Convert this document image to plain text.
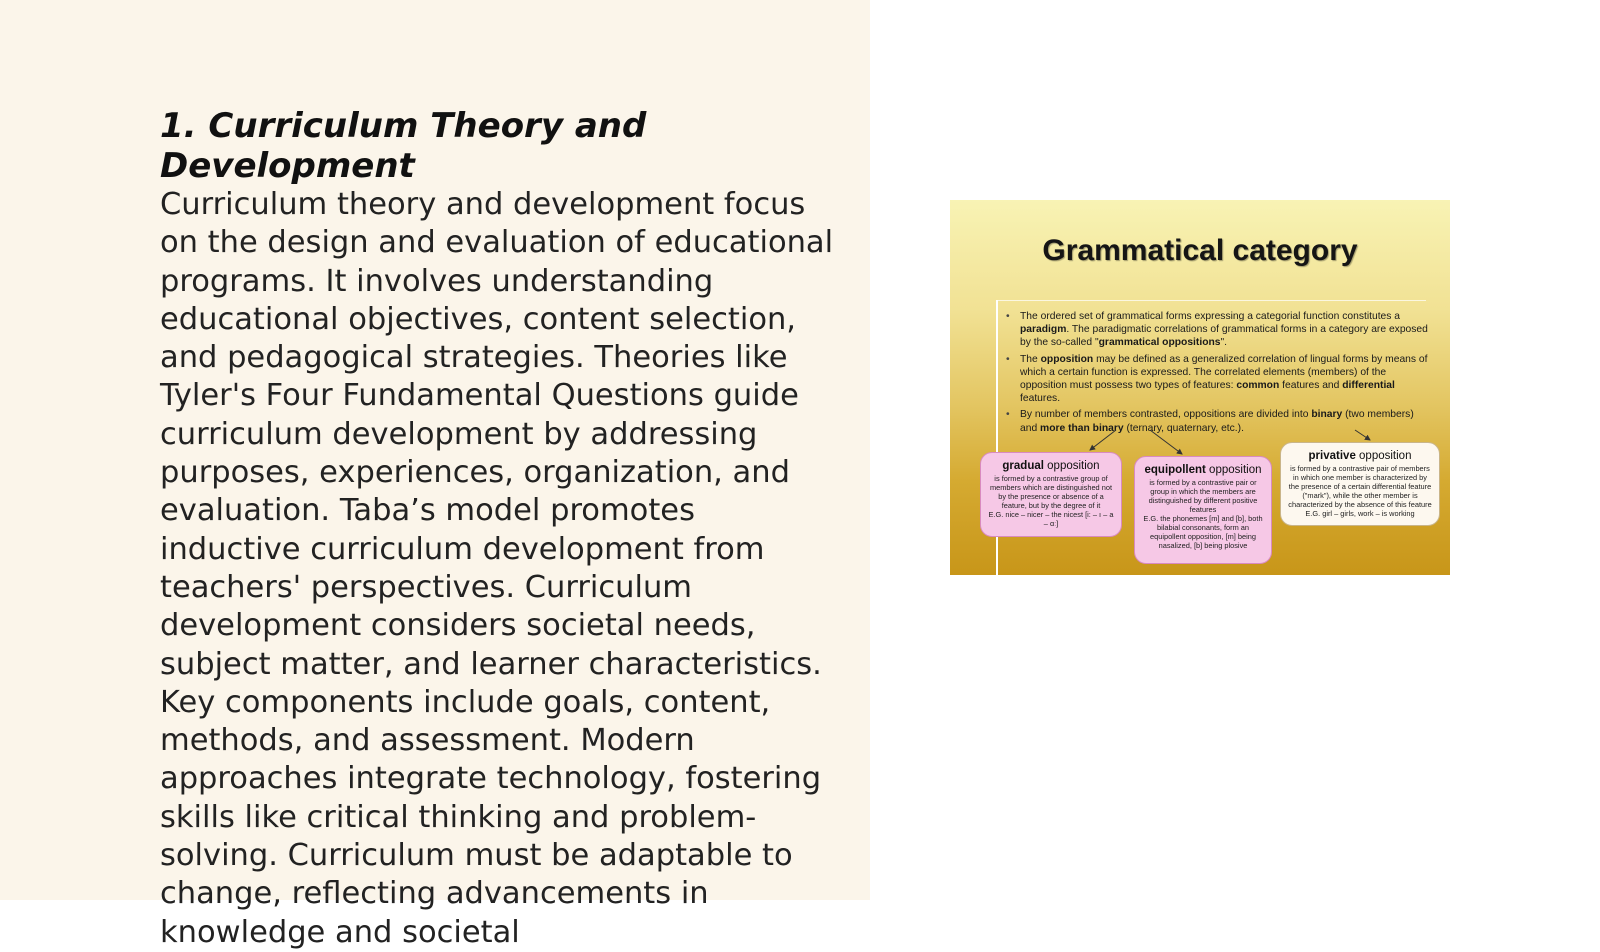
1. Curriculum Theory and Development

Curriculum theory and development focus on the design and evaluation of educational programs. It involves understanding educational objectives, content selection, and pedagogical strategies. Theories like Tyler's Four Fundamental Questions guide curriculum development by addressing purposes, experiences, organization, and evaluation. Taba’s model promotes inductive curriculum development from teachers' perspectives. Curriculum development considers societal needs, subject matter, and learner characteristics. Key components include goals, content, methods, and assessment. Modern approaches integrate technology, fostering skills like critical thinking and problem-solving. Curriculum must be adaptable to change, reflecting advancements in knowledge and societal

Grammatical category
• The ordered set of grammatical forms expressing a categorial function constitutes a paradigm. The paradigmatic correlations of grammatical forms in a category are exposed by the so-called "grammatical oppositions".
• The opposition may be defined as a generalized correlation of lingual forms by means of which a certain function is expressed. The correlated elements (members) of the opposition must possess two types of features: common features and differential features.
• By number of members contrasted, oppositions are divided into binary (two members) and more than binary (ternary, quaternary, etc.).
gradual opposition
is formed by a contrastive group of members which are distinguished not by the presence or absence of a feature, but by the degree of it
E.G. nice – nicer – the nicest [i: – ı – a – ɑː]
equipollent opposition
is formed by a contrastive pair or group in which the members are distinguished by different positive features
E.G. the phonemes [m] and [b], both bilabial consonants, form an equipollent opposition, [m] being nasalized, [b] being plosive
privative opposition
is formed by a contrastive pair of members in which one member is characterized by the presence of a certain differential feature ("mark"), while the other member is characterized by the absence of this feature
E.G. girl – girls, work – is working
